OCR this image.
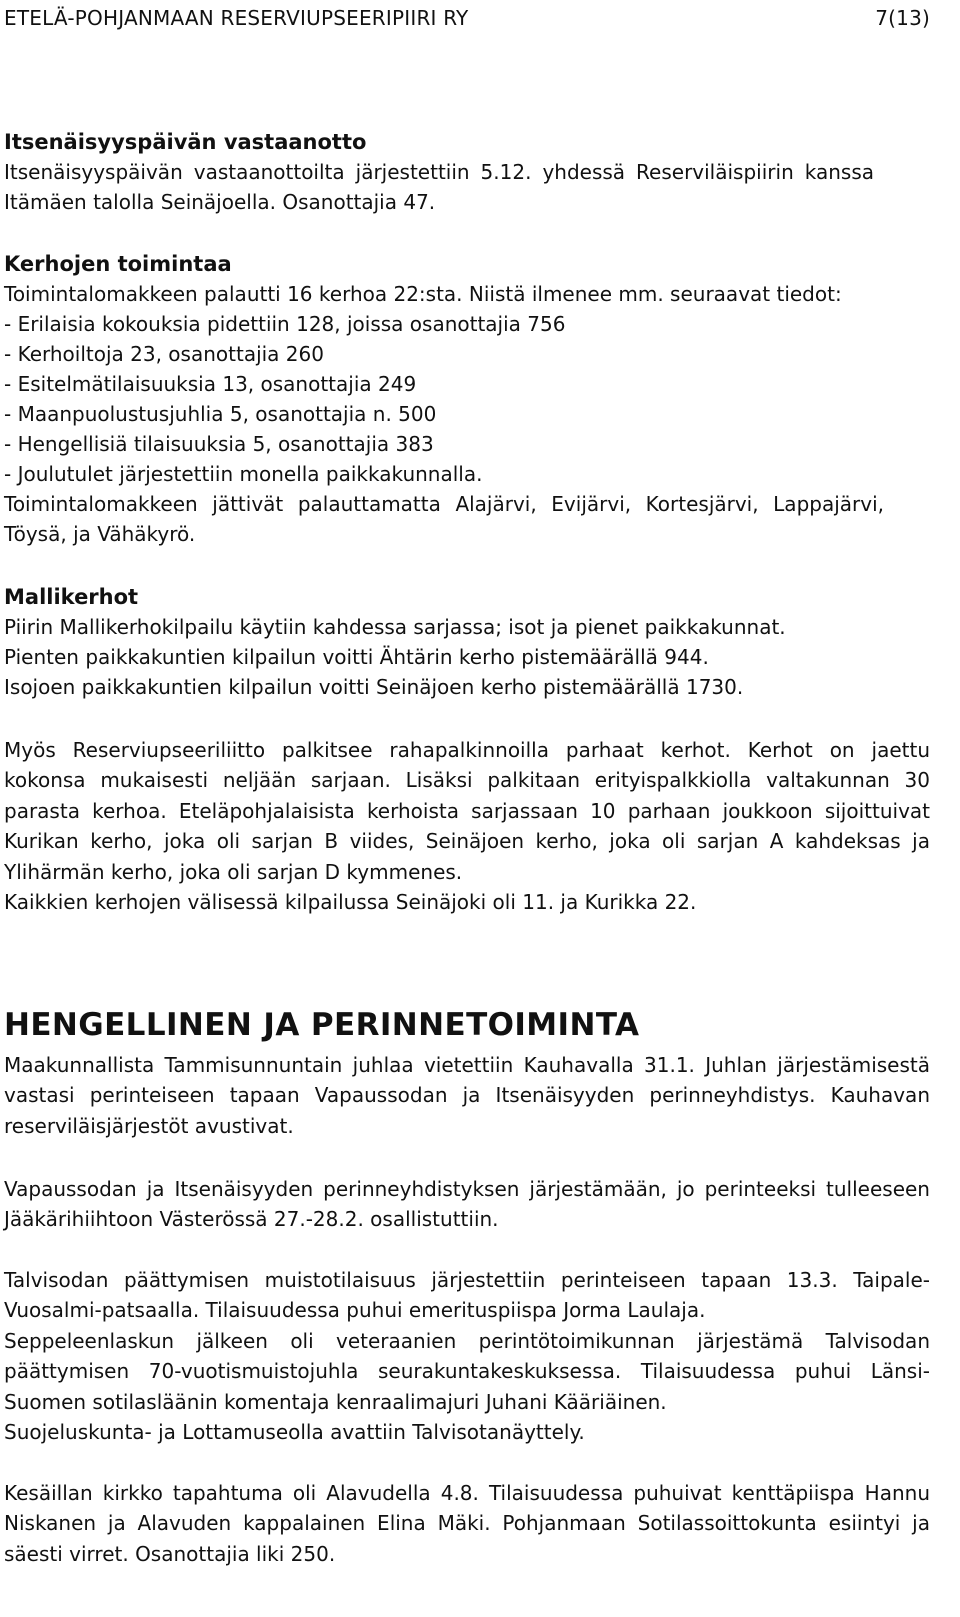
ETELÄ-POHJANMAAN RESERVIUPSEERIPIIRI RY	7(13)
Itsenäisyyspäivän vastaanotto
Itsenäisyyspäivän vastaanottoilta järjestettiin 5.12. yhdessä Reserviläispiirin kanssa Itämäen talolla Seinäjoella. Osanottajia 47.
Kerhojen toimintaa
Toimintalomakkeen palautti 16 kerhoa 22:sta. Niistä ilmenee mm. seuraavat tiedot:
- Erilaisia kokouksia pidettiin 128, joissa osanottajia 756
- Kerhoiltoja 23, osanottajia 260
- Esitelmätilaisuuksia 13, osanottajia 249
- Maanpuolustusjuhlia 5, osanottajia n. 500
- Hengellisiä tilaisuuksia 5, osanottajia 383
- Joulutulet järjestettiin monella paikkakunnalla.
Toimintalomakkeen jättivät palauttamatta Alajärvi, Evijärvi, Kortesjärvi, Lappajärvi, Töysä, ja Vähäkyrö.
Mallikerhot
Piirin Mallikerhokilpailu käytiin kahdessa sarjassa; isot ja pienet paikkakunnat.
Pienten paikkakuntien kilpailun voitti Ähtärin kerho pistemäärällä 944.
Isojoen paikkakuntien kilpailun voitti Seinäjoen kerho pistemäärällä 1730.
Myös Reserviupseeriliitto palkitsee rahapalkinnoilla parhaat kerhot. Kerhot on jaettu kokonsa mukaisesti neljään sarjaan. Lisäksi palkitaan erityispalkkiolla valtakunnan 30 parasta kerhoa. Eteläpohjalaisista kerhoista sarjassaan 10 parhaan joukkoon sijoittuivat Kurikan kerho, joka oli sarjan B viides, Seinäjoen kerho, joka oli sarjan A kahdeksas ja Ylihärmän kerho, joka oli sarjan D kymmenes.
Kaikkien kerhojen välisessä kilpailussa Seinäjoki oli 11. ja Kurikka 22.
HENGELLINEN JA PERINNETOIMINTA
Maakunnallista Tammisunnuntain juhlaa vietettiin Kauhavalla 31.1. Juhlan järjestämisestä vastasi perinteiseen tapaan Vapaussodan ja Itsenäisyyden perinneyhdistys. Kauhavan reserviläisjärjestöt avustivat.
Vapaussodan ja Itsenäisyyden perinneyhdistyksen järjestämään, jo perinteeksi tulleeseen Jääkärihiihtoon Västerössä 27.-28.2. osallistuttiin.
Talvisodan päättymisen muistotilaisuus järjestettiin perinteiseen tapaan 13.3. Taipale-Vuosalmi-patsaalla. Tilaisuudessa puhui emerituspiispa Jorma Laulaja.
Seppeleenlaskun jälkeen oli veteraanien perintötoimikunnan järjestämä Talvisodan päättymisen 70-vuotismuistojuhla seurakuntakeskuksessa. Tilaisuudessa puhui Länsi-Suomen sotilasläänin komentaja kenraalimajuri Juhani Kääriäinen.
Suojeluskunta- ja Lottamuseolla avattiin Talvisotanäyttely.
Kesäillan kirkko tapahtuma oli Alavudella 4.8. Tilaisuudessa puhuivat kenttäpiispa Hannu Niskanen ja Alavuden kappalainen Elina Mäki. Pohjanmaan Sotilassoittokunta esiintyi ja säesti virret. Osanottajia liki 250.
